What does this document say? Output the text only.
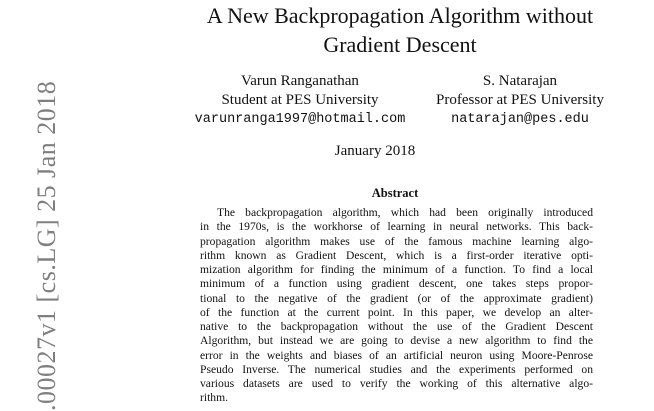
.00027v1 [cs.LG] 25 Jan 2018
A New Backpropagation Algorithm without
Gradient Descent
Varun Ranganathan
Student at PES University
varunranga1997@hotmail.com
S. Natarajan
Professor at PES University
natarajan@pes.edu
January 2018
Abstract
The backpropagation algorithm, which had been originally introduced
in the 1970s, is the workhorse of learning in neural networks. This back-
propagation algorithm makes use of the famous machine learning algo-
rithm known as Gradient Descent, which is a first-order iterative opti-
mization algorithm for finding the minimum of a function. To find a local
minimum of a function using gradient descent, one takes steps propor-
tional to the negative of the gradient (or of the approximate gradient)
of the function at the current point. In this paper, we develop an alter-
native to the backpropagation without the use of the Gradient Descent
Algorithm, but instead we are going to devise a new algorithm to find the
error in the weights and biases of an artificial neuron using Moore-Penrose
Pseudo Inverse. The numerical studies and the experiments performed on
various datasets are used to verify the working of this alternative algo-
rithm.
